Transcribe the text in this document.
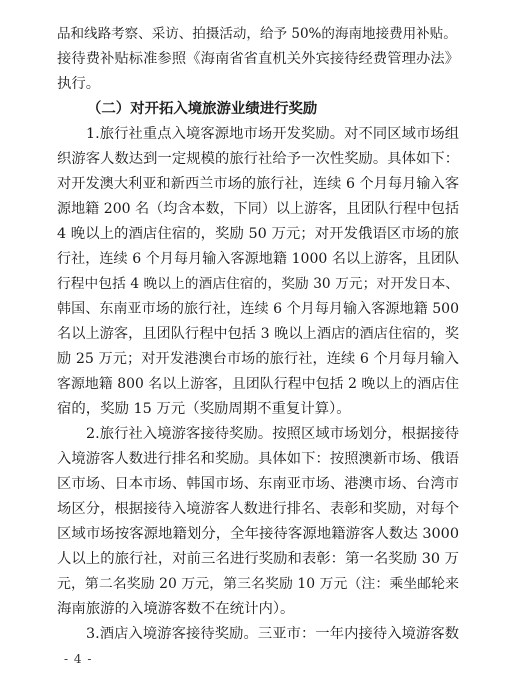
品和线路考察、采访、拍摄活动，给予 50%的海南地接费用补贴。
接待费补贴标准参照《海南省省直机关外宾接待经费管理办法》
执行。
（二）对开拓入境旅游业绩进行奖励
1.旅行社重点入境客源地市场开发奖励。对不同区域市场组
织游客人数达到一定规模的旅行社给予一次性奖励。具体如下：
对开发澳大利亚和新西兰市场的旅行社，连续 6 个月每月输入客
源地籍 200 名（均含本数，下同）以上游客，且团队行程中包括
4 晚以上的酒店住宿的，奖励 50 万元；对开发俄语区市场的旅
行社，连续 6 个月每月输入客源地籍 1000 名以上游客，且团队
行程中包括 4 晚以上的酒店住宿的，奖励 30 万元；对开发日本、
韩国、东南亚市场的旅行社，连续 6 个月每月输入客源地籍 500
名以上游客，且团队行程中包括 3 晚以上酒店的酒店住宿的，奖
励 25 万元；对开发港澳台市场的旅行社，连续 6 个月每月输入
客源地籍 800 名以上游客，且团队行程中包括 2 晚以上的酒店住
宿的，奖励 15 万元（奖励周期不重复计算）。
2.旅行社入境游客接待奖励。按照区域市场划分，根据接待
入境游客人数进行排名和奖励。具体如下：按照澳新市场、俄语
区市场、日本市场、韩国市场、东南亚市场、港澳市场、台湾市
场区分，根据接待入境游客人数进行排名、表彰和奖励，对每个
区域市场按客源地籍划分，全年接待客源地籍游客人数达 3000
人以上的旅行社，对前三名进行奖励和表彰：第一名奖励 30 万
元，第二名奖励 20 万元，第三名奖励 10 万元（注：乘坐邮轮来
海南旅游的入境游客数不在统计内）。
3.酒店入境游客接待奖励。三亚市：一年内接待入境游客数
- 4 -
